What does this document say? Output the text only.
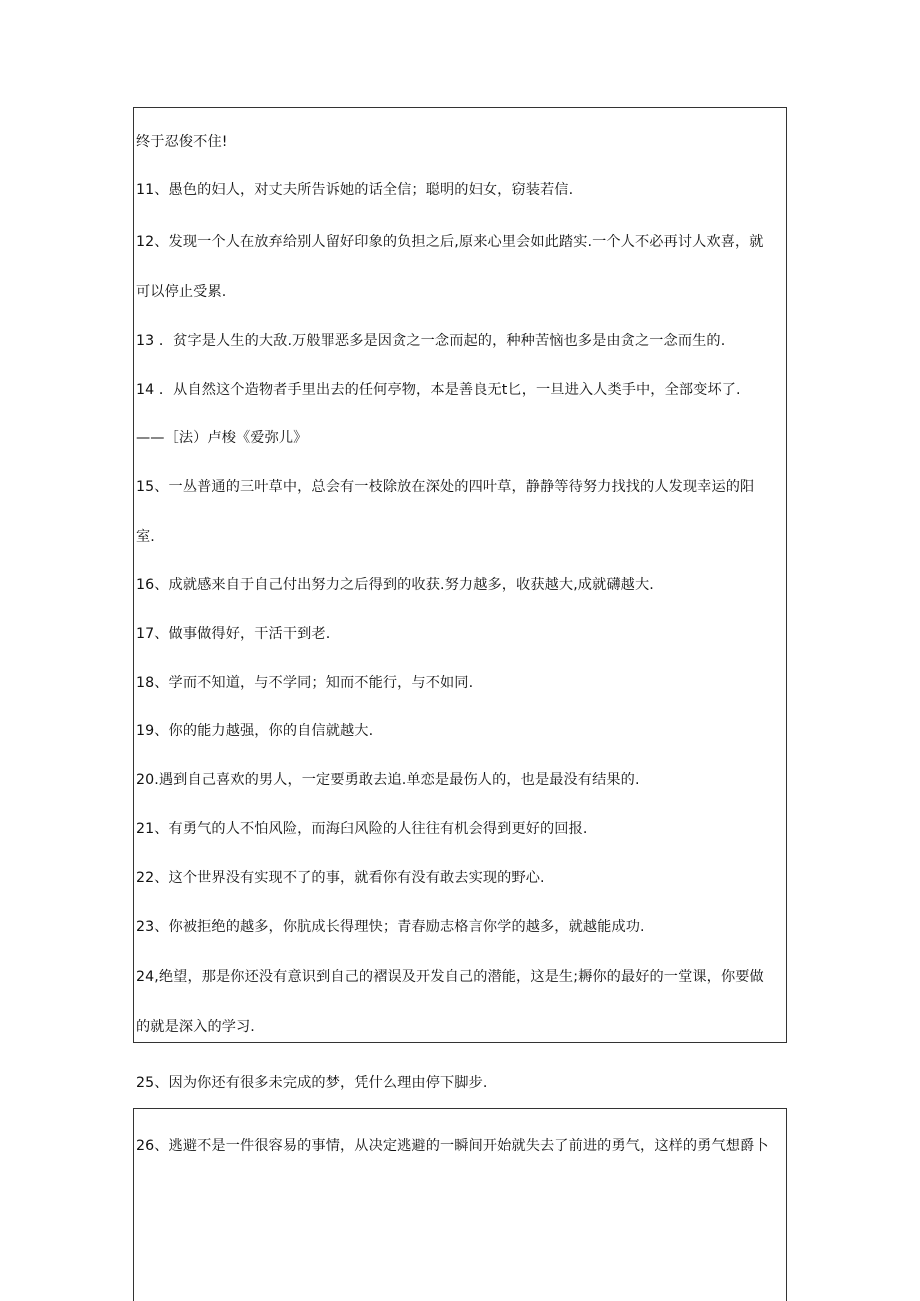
终于忍俊不住!
11、愚色的妇人，对丈夫所告诉她的话全信；聪明的妇女，窃装若信.
12、发现一个人在放弃给别人留好印象的负担之后,原来心里会如此踏实.一个人不必再讨人欢喜，就
可以停止受累.
13 ．贫字是人生的大敌.万般罪恶多是因贪之一念而起的，种种苦恼也多是由贪之一念而生的.
14 ．从自然这个造物者手里出去的任何亭物，本是善良无t匕，一旦进入人类手中，全部变坏了.
——［法）卢梭《爱弥儿》
15、一丛普通的三叶草中，总会有一枝除放在深处的四叶草，静静等待努力找找的人发现幸运的阳
室.
16、成就感来自于自己付出努力之后得到的收获.努力越多，收获越大,成就礴越大.
17、做事做得好，干活干到老.
18、学而不知道，与不学同；知而不能行，与不如同.
19、你的能力越强，你的自信就越大.
20.遇到自己喜欢的男人，一定要勇敢去追.单恋是最伤人的，也是最没有结果的.
21、有勇气的人不怕风险，而海臼风险的人往往有机会得到更好的回报.
22、这个世界没有实现不了的事，就看你有没有敢去实现的野心.
23、你被拒绝的越多，你肮成长得理快；青春励志格言你学的越多，就越能成功.
24,绝望，那是你还没有意识到自己的褶误及开发自己的潜能，这是生;耨你的最好的一堂课，你要做
的就是深入的学习.
25、因为你还有很多未完成的梦，凭什么理由停下脚步.
26、逃避不是一件很容易的事情，从决定逃避的一瞬间开始就失去了前进的勇气，这样的勇气想爵卜
